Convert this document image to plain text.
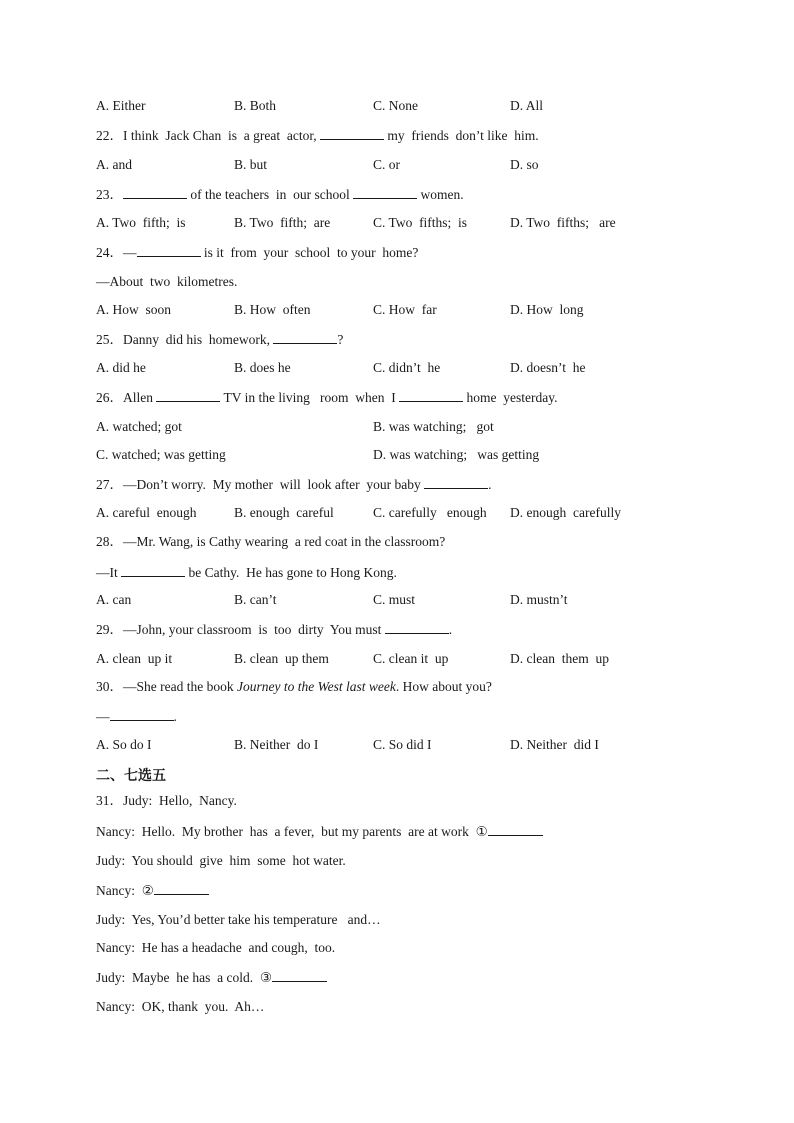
A. Either	B. Both	C. None	D. All
22．I think  Jack Chan  is  a great  actor,	my  friends  don’t like  him.
A. and	B. but	C. or	D. so
23．	of the teachers  in  our school	women.
A. Two  fifth;  is	B. Two  fifth;  are	C. Two  fifths;  is	D. Two  fifths;   are
24．—	is it  from  your  school  to your  home?
—About  two  kilometres.
A. How  soon	B. How  often	C. How  far	D. How  long
25．Danny  did his  homework,	?
A. did he	B. does he	C. didn’t  he	D. doesn’t  he
26．Allen	TV in the living   room  when  I	home  yesterday.
A. watched; got	B. was watching;   got
C. watched; was getting	D. was watching;   was getting
27．—Don’t worry.  My mother  will  look after  your baby	.
A. careful  enough	B. enough  careful	C. carefully   enough D. enough  carefully
28．—Mr. Wang, is Cathy wearing  a red coat in the classroom?
—It	be Cathy.  He has gone to Hong Kong.
A. can	B. can’t	C. must	D. mustn’t
29．—John, your classroom  is  too  dirty  You must	.
A. clean  up it	B. clean  up them	C. clean it  up	D. clean  them  up
30．—She read the book Journey to the West last week. How about you?
—	.
A. So do I	B. Neither  do I	C. So did I	D. Neither  did I
二、七选五
31．Judy:  Hello,  Nancy.
Nancy:  Hello.  My brother  has  a fever,  but my parents  are at work  ①
Judy:  You should  give  him  some  hot water.
Nancy:  ②
Judy:  Yes, You’d better take his temperature   and…
Nancy:  He has a headache  and cough,  too.
Judy:  Maybe  he has  a cold.  ③
Nancy:  OK, thank  you.  Ah…
